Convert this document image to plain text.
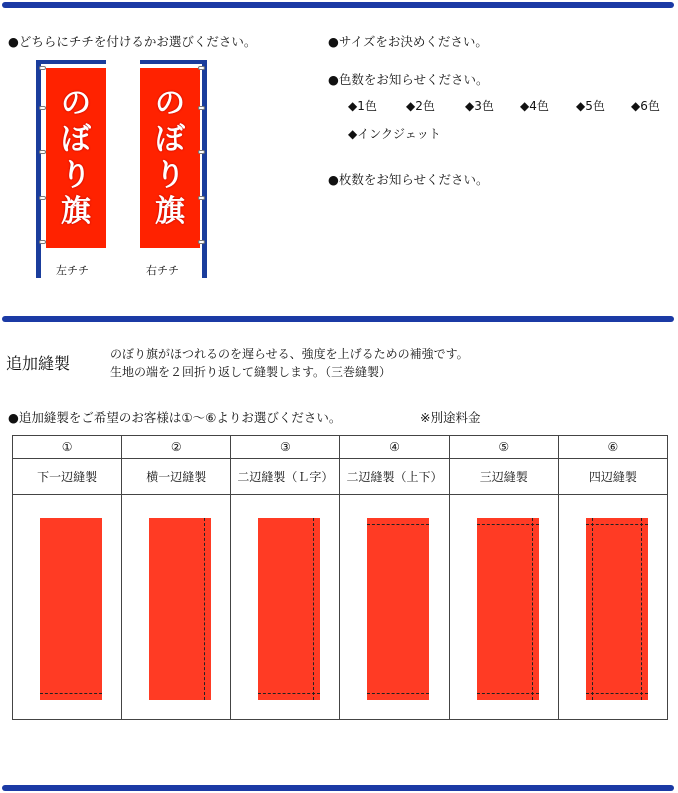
●どちらにチチを付けるかお選びください。
の
ぼ
り
旗
左チチ
の
ぼ
り
旗
右チチ
●サイズをお決めください。
●色数をお知らせください。
◆1色 ◆2色	◆3色 ◆4色 ◆5色 ◆6色
◆インクジェット
●枚数をお知らせください。
追加縫製	のぼり旗がほつれるのを遅らせる、強度を上げるための補強です。
生地の端を２回折り返して縫製します。（三巻縫製）
●追加縫製をご希望のお客様は①～⑥よりお選びください。	※別途料金
①	②	③	④	⑤	⑥
下一辺縫製	横一辺縫製	二辺縫製（Ｌ字）	二辺縫製（上下）	三辺縫製	四辺縫製
